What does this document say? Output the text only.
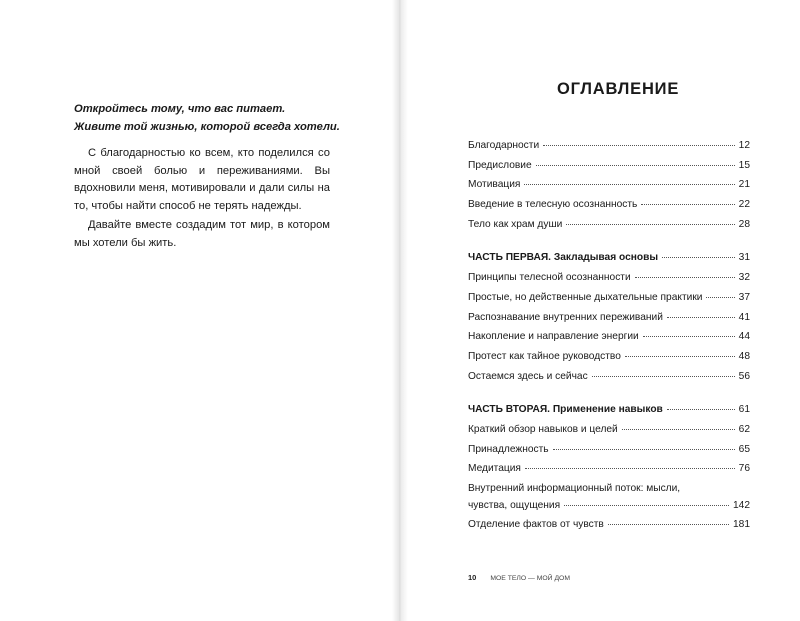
Откройтесь тому, что вас питает.
Живите той жизнью, которой всегда хотели.
С благодарностью ко всем, кто поделился со мной своей болью и переживаниями. Вы вдохновили меня, мотивировали и дали силы на то, чтобы найти способ не терять надежды.
Давайте вместе создадим тот мир, в котором мы хотели бы жить.
ОГЛАВЛЕНИЕ
Благодарности	12
Предисловие	15
Мотивация	21
Введение в телесную осознанность	22
Тело как храм души	28
ЧАСТЬ ПЕРВАЯ. Закладывая основы	31
Принципы телесной осознанности	32
Простые, но действенные дыхательные практики	37
Распознавание внутренних переживаний	41
Накопление и направление энергии	44
Протест как тайное руководство	48
Остаемся здесь и сейчас	56
ЧАСТЬ ВТОРАЯ. Применение навыков	61
Краткий обзор навыков и целей	62
Принадлежность	65
Медитация	76
Внутренний информационный поток: мысли,
чувства, ощущения	142
Отделение фактов от чувств	181
10 МОЕ ТЕЛО — МОЙ ДОМ
